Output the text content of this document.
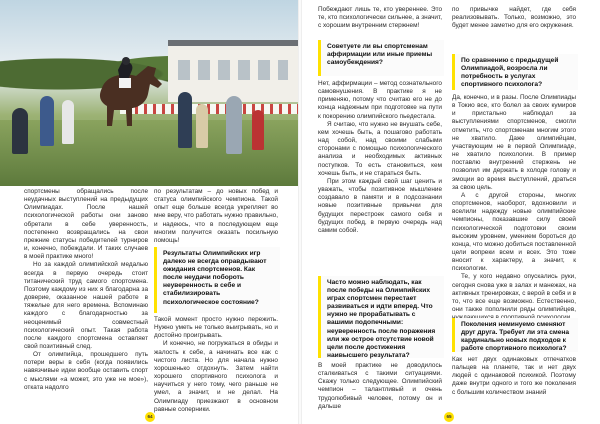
спортсмены обращались после неудачных выступлений на предыдущих Олимпиадах. После нашей психологической работы они заново обретали в себе уверенность, постепенно возвращались на свои прежние статусы победителей турниров и, конечно, побеждали. И таких случаев в моей практике много!

Но за каждой олимпийской медалью всегда в первую очередь стоит титанический труд самого спортсмена. Поэтому каждому из них я благодарна за доверие, оказанное нашей работе в тяжелые для него времена. Вспоминаю каждого с благодарностью за неоценимый совместный психологический опыт. Такая работа после каждого спортсмена оставляет свой позитивный след.

От олимпийца, прошедшего путь потери веры в себя (когда появились навязчивые идеи вообще оставить спорт с мыслями «а может, это уже не мое»), откатa надолго

по результатам – до новых побед и статуса олимпийского чемпиона. Такой опыт еще больше всегда укрепляет во мне веру, что работать нужно правильно, и надеюсь, что в последующем еще многим получится оказать посильную помощь!

Результаты Олимпийских игр далеко не всегда оправдывают ожидания спортсменов. Как после неудачи побороть неуверенность в себе и стабилизировать психологическое состояние?

Такой момент просто нужно пережить. Нужно уметь не только выигрывать, но и достойно проигрывать.

И конечно, не погружаться в обиды и жалость к себе, а начинать все как с чистого листа. Но для начала нужно хорошенько отдохнуть. Затем найти хорошего спортивного психолога и научиться у него тому, чего раньше не умел, а значит, и не делал. На Олимпиаду приезжают в основном равные соперники.

64

Побеждают лишь те, кто увереннее. Это те, кто психологически сильнее, а значит, с хорошим внутренним стержнем!

Советуете ли вы спортсменам аффирмации или иные приемы самоубеждения?

Нет, аффирмации – метод сознательного самовнушения. В практике я не применяю, потому что считаю его не до конца надежным при подготовке на пути к покорению олимпийского пьедестала.

Я считаю, что нужно не внушать себе, кем хочешь быть, а пошагово работать над собой, над своими слабыми сторонами с помощью психологического анализа и необходимых активных поступков. То есть становиться, кем хочешь быть, и не стараться быть.

При этом каждый свой шаг ценить и уважать, чтобы позитивное мышление создавало в памяти и в подсознании новые позитивные привычки для будущих перестроек самого себя и будущих побед, в первую очередь над самим собой.

Часто можно наблюдать, как после победы на Олимпийских играх спортсмен перестает развиваться и идти вперед. Что нужно не прорабатывать с вашими подопечными: неуверенность после поражения или же острое отсутствие новой цели после достижения наивысшего результата?

В моей практике не доводилось сталкиваться с такими ситуациями. Скажу только следующее. Олимпийский чемпион – талантливый и очень трудолюбивый человек, потому он и дальше

по привычке найдет, где себя реализовывать. Только, возможно, это будет менее заметно для его окружения.

По сравнению с предыдущей Олимпиадой, возросла ли потребность в услугах спортивного психолога?

Да, конечно, и в разы. После Олимпиады в Токио все, кто болел за своих кумиров и пристально наблюдал за выступлениями спортсменов, смогли отметить, что спортсменам многим этого не хватило. Даже олимпийцам, участвующим не в первой Олимпиаде, не хватило психологии. В пример поставлю внутренний стержень не позволил им держать в холоде голову и эмоции во время выступлений, драться за свою цель.

А с другой стороны, многих спортсменов, наоборот, вдохновили и вселили надежду новые олимпийские чемпионы, показавшие силу своей психологической подготовки своим высоким уровнем, умением бороться до конца, что можно добиться поставленной цели вопреки всем и всех. Это тоже вносит к характеру, а значит, к психологии.

Те, у кого недавно опускались руки, сегодня снова уже в залах и манежах, на активных тренировках, с верой в себя и в то, что все еще возможно. Естественно, они также пополнили ряды олимпийцев,

Поколения неминуемо сменяют друг друга. Требует ли эта смена кардинально новых подходов к работе спортивного психолога?

Как нет двух одинаковых отпечатков пальцев на планете, так и нет двух людей с одинаковой психикой. Поэтому даже внутри одного и того же поколения с большим количеством знаний

65
